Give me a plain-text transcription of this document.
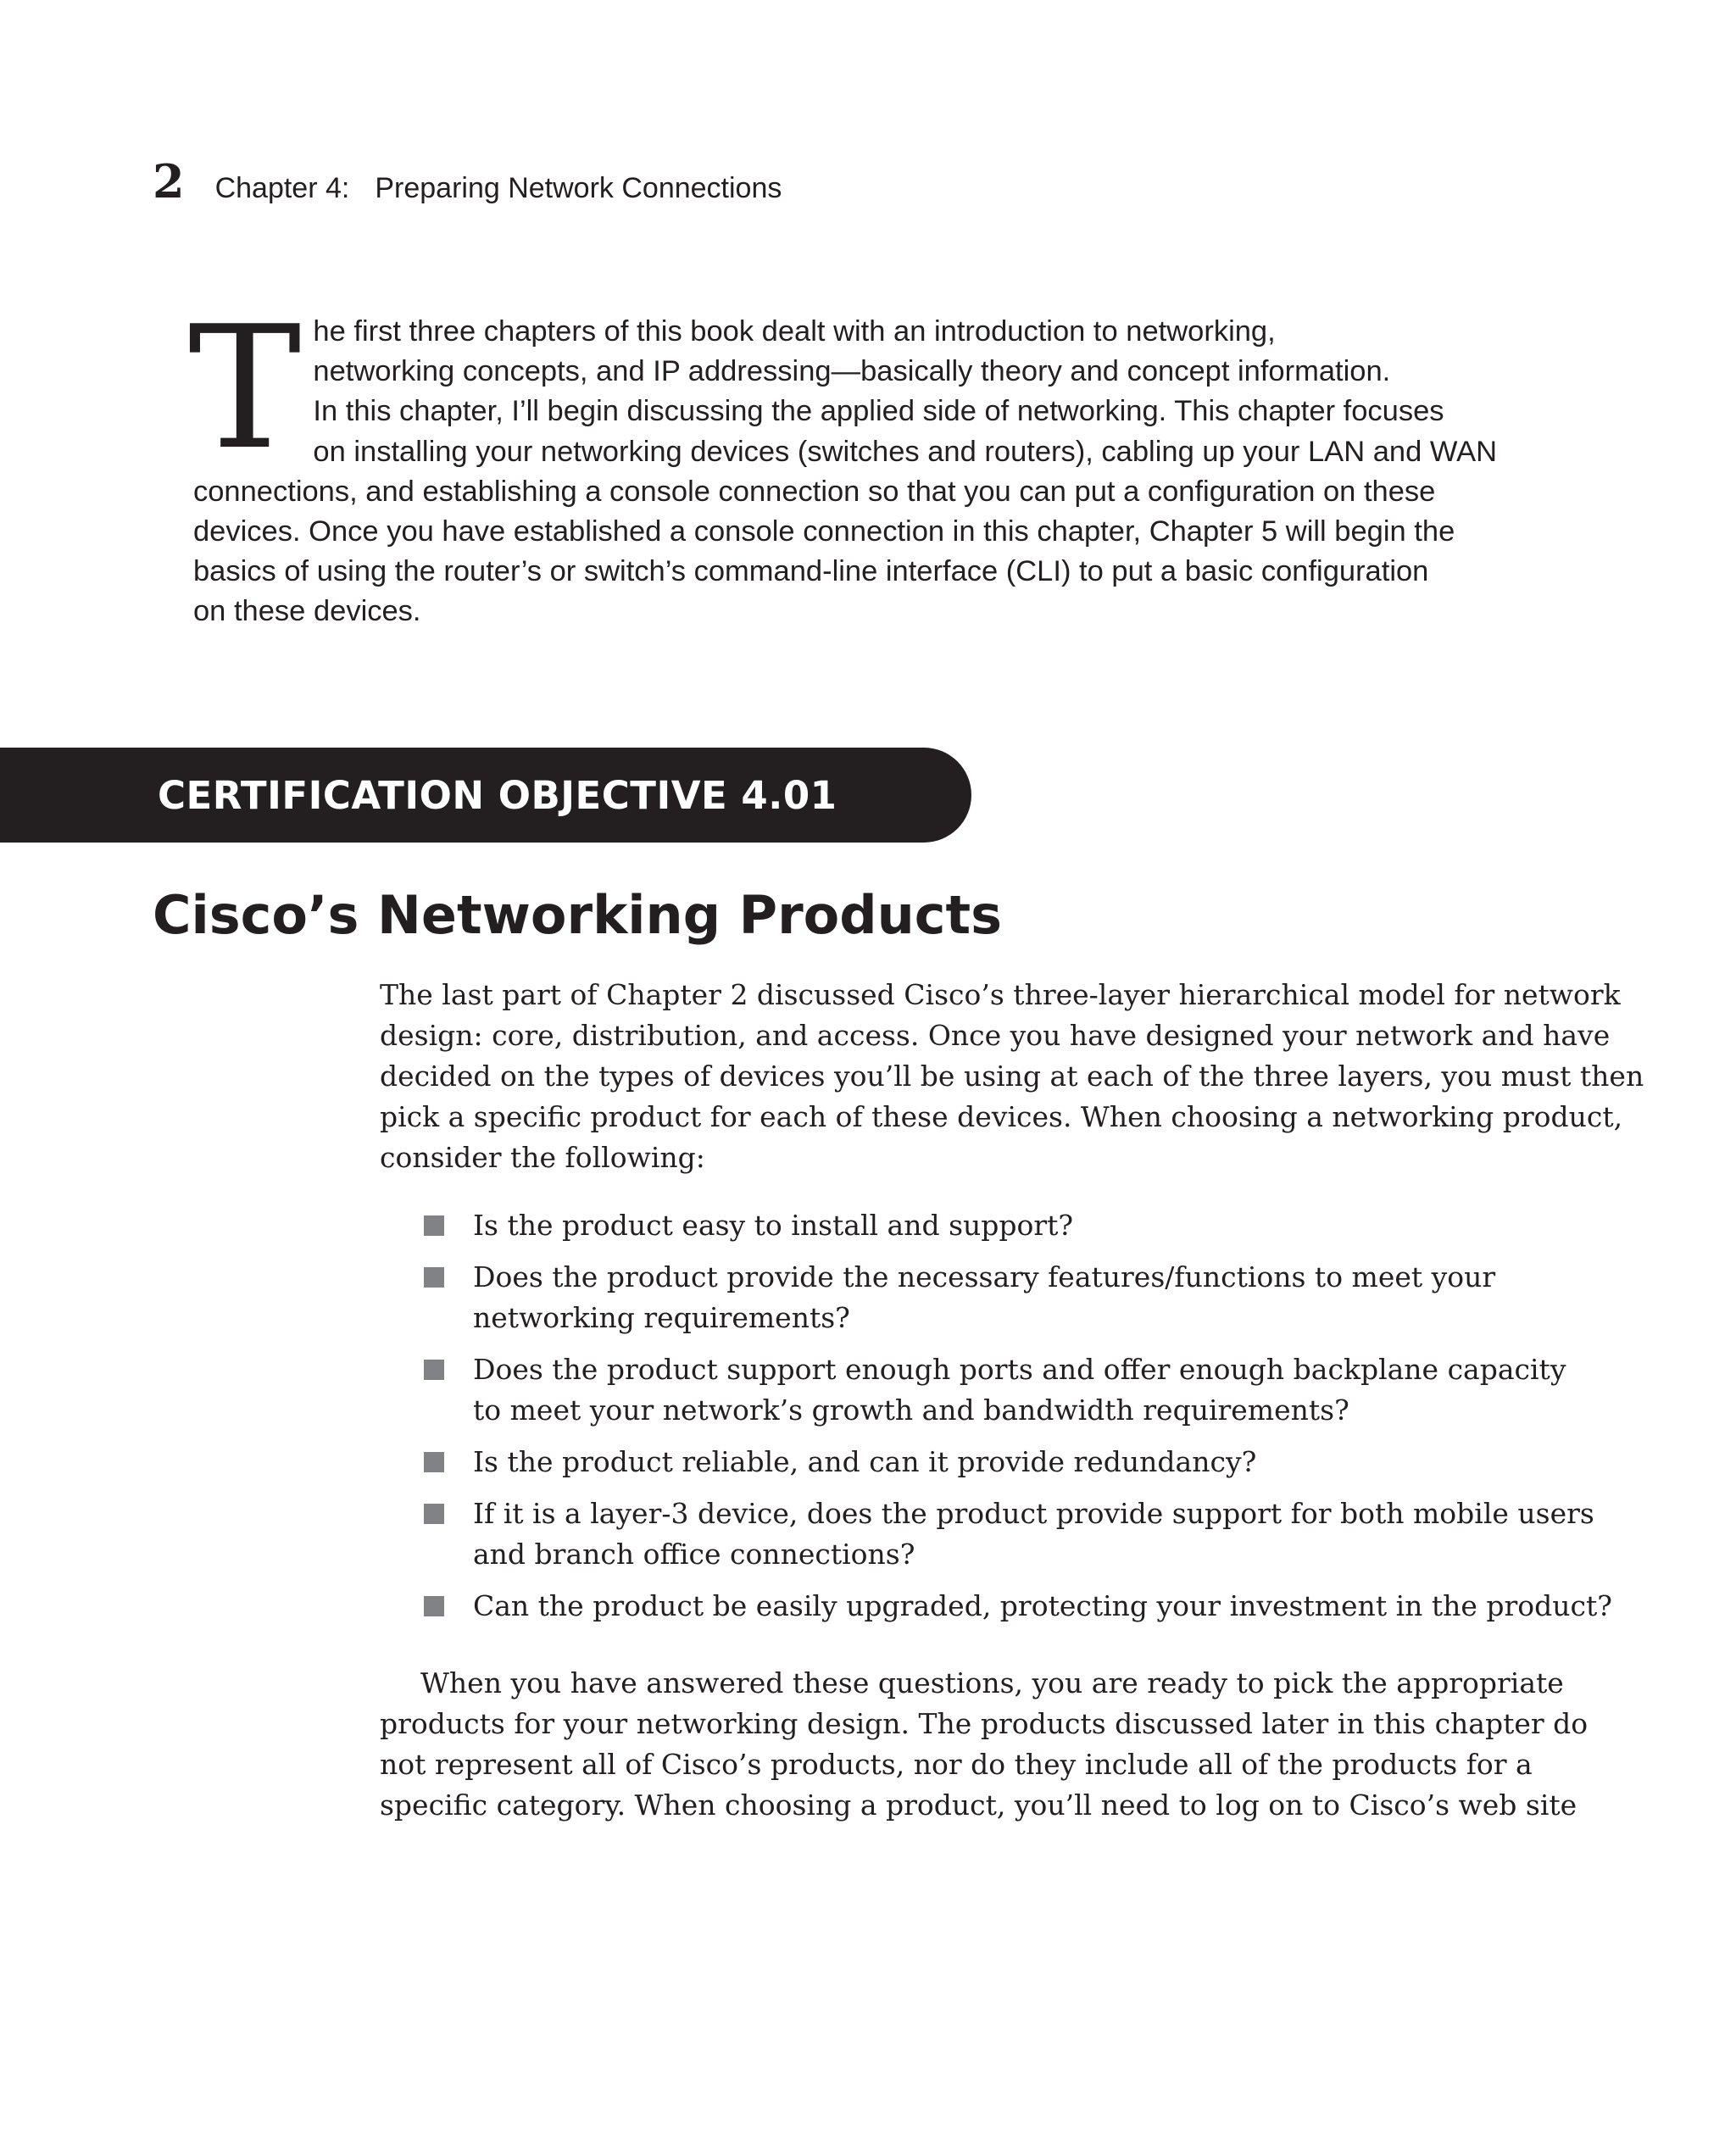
2 Chapter 4: Preparing Network Connections

T he first three chapters of this book dealt with an introduction to networking,
networking concepts, and IP addressing—basically theory and concept information.
In this chapter, I’ll begin discussing the applied side of networking. This chapter focuses
on installing your networking devices (switches and routers), cabling up your LAN and WAN
connections, and establishing a console connection so that you can put a configuration on these
devices. Once you have established a console connection in this chapter, Chapter 5 will begin the
basics of using the router’s or switch’s command-line interface (CLI) to put a basic configuration
on these devices.

CERTIFICATION OBJECTIVE 4.01
Cisco’s Networking Products

The last part of Chapter 2 discussed Cisco’s three-layer hierarchical model for network
design: core, distribution, and access. Once you have designed your network and have
decided on the types of devices you’ll be using at each of the three layers, you must then
pick a specific product for each of these devices. When choosing a networking product,
consider the following:

Is the product easy to install and support?
Does the product provide the necessary features/functions to meet your
networking requirements?
Does the product support enough ports and offer enough backplane capacity
to meet your network’s growth and bandwidth requirements?
Is the product reliable, and can it provide redundancy?
If it is a layer-3 device, does the product provide support for both mobile users
and branch office connections?
Can the product be easily upgraded, protecting your investment in the product?

When you have answered these questions, you are ready to pick the appropriate
products for your networking design. The products discussed later in this chapter do
not represent all of Cisco’s products, nor do they include all of the products for a
specific category. When choosing a product, you’ll need to log on to Cisco’s web site
